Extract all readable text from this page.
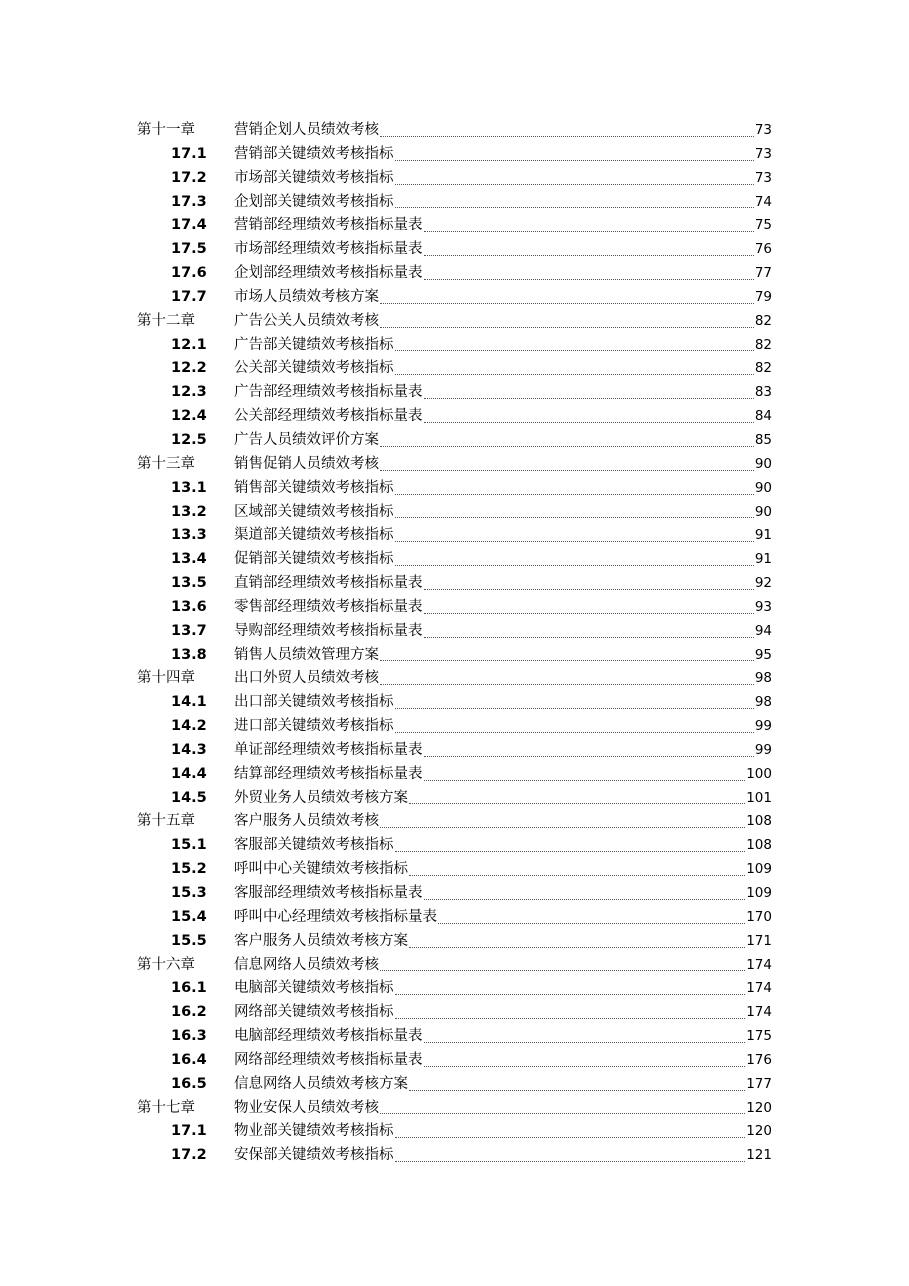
第十一章	营销企划人员绩效考核	73
17.1 营销部关键绩效考核指标	73
17.2 市场部关键绩效考核指标	73
17.3 企划部关键绩效考核指标	74
17.4 营销部经理绩效考核指标量表	75
17.5 市场部经理绩效考核指标量表	76
17.6 企划部经理绩效考核指标量表	77
17.7 市场人员绩效考核方案	79
第十二章	广告公关人员绩效考核	82
12.1 广告部关键绩效考核指标	82
12.2 公关部关键绩效考核指标	82
12.3 广告部经理绩效考核指标量表	83
12.4 公关部经理绩效考核指标量表	84
12.5 广告人员绩效评价方案	85
第十三章	销售促销人员绩效考核	90
13.1 销售部关键绩效考核指标	90
13.2 区域部关键绩效考核指标	90
13.3 渠道部关键绩效考核指标	91
13.4 促销部关键绩效考核指标	91
13.5 直销部经理绩效考核指标量表	92
13.6 零售部经理绩效考核指标量表	93
13.7 导购部经理绩效考核指标量表	94
13.8 销售人员绩效管理方案	95
第十四章	出口外贸人员绩效考核	98
14.1 出口部关键绩效考核指标	98
14.2 进口部关键绩效考核指标	99
14.3 单证部经理绩效考核指标量表	99
14.4 结算部经理绩效考核指标量表	100
14.5 外贸业务人员绩效考核方案	101
第十五章	客户服务人员绩效考核	108
15.1 客服部关键绩效考核指标	108
15.2 呼叫中心关键绩效考核指标	109
15.3 客服部经理绩效考核指标量表	109
15.4 呼叫中心经理绩效考核指标量表	170
15.5 客户服务人员绩效考核方案	171
第十六章	信息网络人员绩效考核	174
16.1 电脑部关键绩效考核指标	174
16.2 网络部关键绩效考核指标	174
16.3 电脑部经理绩效考核指标量表	175
16.4 网络部经理绩效考核指标量表	176
16.5 信息网络人员绩效考核方案	177
第十七章	物业安保人员绩效考核	120
17.1 物业部关键绩效考核指标	120
17.2 安保部关键绩效考核指标	121
